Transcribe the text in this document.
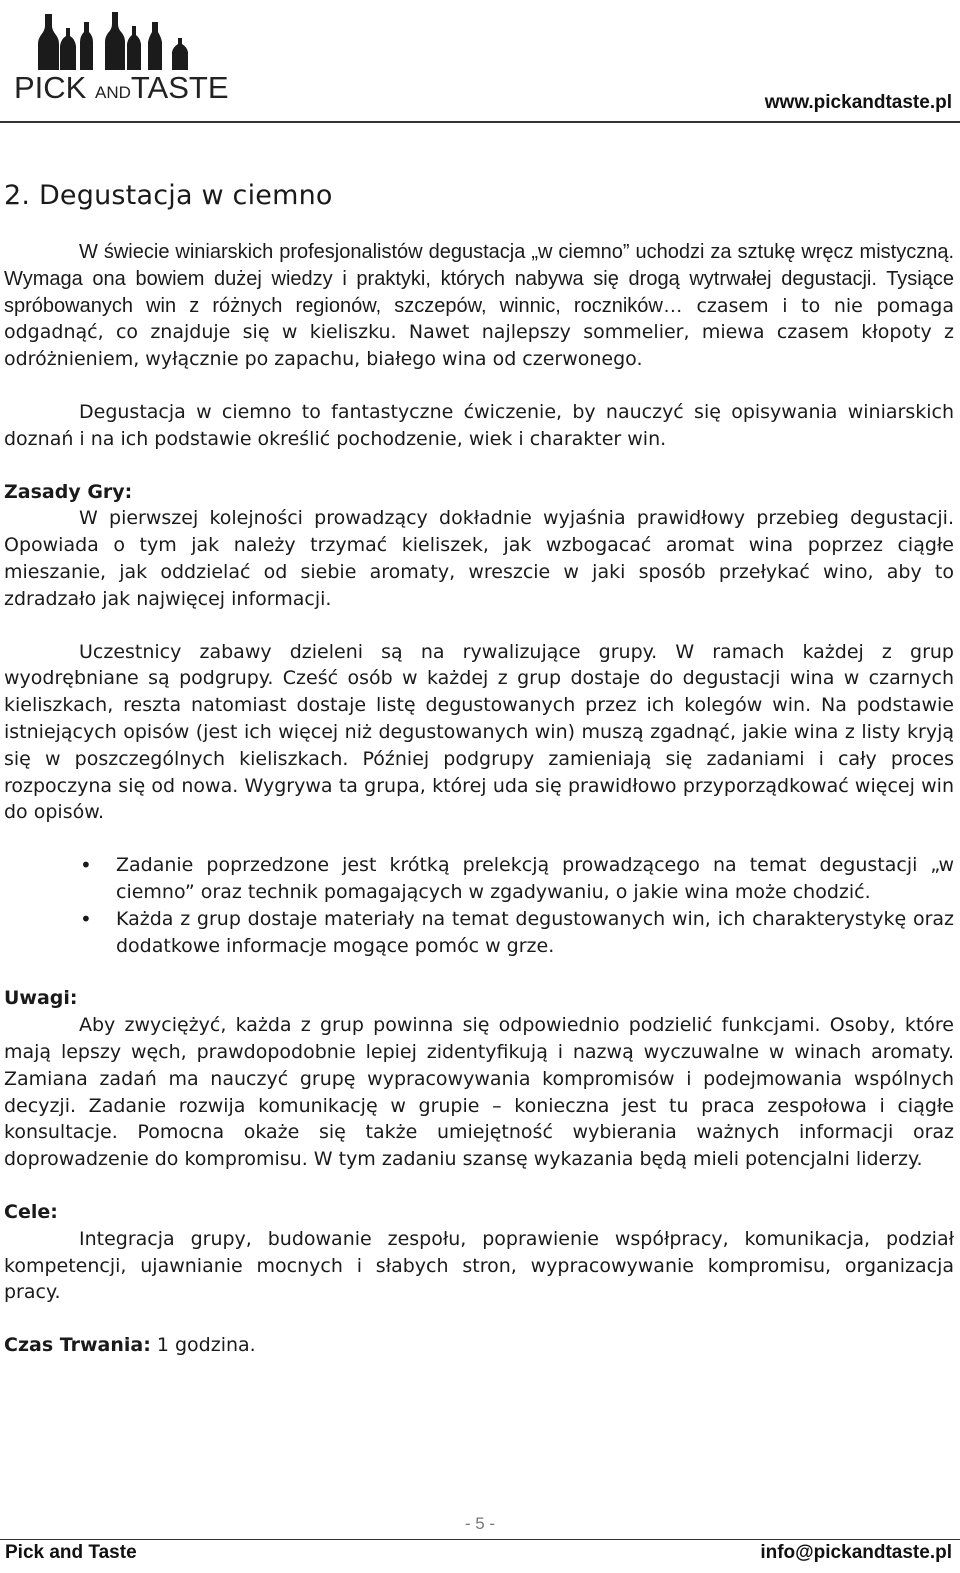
PICK ANDTASTE	www.pickandtaste.pl
2. Degustacja w ciemno

W świecie winiarskich profesjonalistów degustacja „w ciemno” uchodzi za sztukę wręcz mistyczną. Wymaga ona bowiem dużej wiedzy i praktyki, których nabywa się drogą wytrwałej degustacji. Tysiące spróbowanych win z różnych regionów, szczepów, winnic, roczników… czasem i to nie pomaga odgadnąć, co znajduje się w kieliszku. Nawet najlepszy sommelier, miewa czasem kłopoty z odróżnieniem, wyłącznie po zapachu, białego wina od czerwonego.

Degustacja w ciemno to fantastyczne ćwiczenie, by nauczyć się opisywania winiarskich doznań i na ich podstawie określić pochodzenie, wiek i charakter win.

Zasady Gry:

W pierwszej kolejności prowadzący dokładnie wyjaśnia prawidłowy przebieg degustacji. Opowiada o tym jak należy trzymać kieliszek, jak wzbogacać aromat wina poprzez ciągłe mieszanie, jak oddzielać od siebie aromaty, wreszcie w jaki sposób przełykać wino, aby to zdradzało jak najwięcej informacji.

Uczestnicy zabawy dzieleni są na rywalizujące grupy. W ramach każdej z grup wyodrębniane są podgrupy. Cześć osób w każdej z grup dostaje do degustacji wina w czarnych kieliszkach, reszta natomiast dostaje listę degustowanych przez ich kolegów win. Na podstawie istniejących opisów (jest ich więcej niż degustowanych win) muszą zgadnąć, jakie wina z listy kryją się w poszczególnych kieliszkach. Później podgrupy zamieniają się zadaniami i cały proces rozpoczyna się od nowa. Wygrywa ta grupa, której uda się prawidłowo przyporządkować więcej win do opisów.

• Zadanie poprzedzone jest krótką prelekcją prowadzącego na temat degustacji „w ciemno” oraz technik pomagających w zgadywaniu, o jakie wina może chodzić.
• Każda z grup dostaje materiały na temat degustowanych win, ich charakterystykę oraz dodatkowe informacje mogące pomóc w grze.
Uwagi:

Aby zwyciężyć, każda z grup powinna się odpowiednio podzielić funkcjami. Osoby, które mają lepszy węch, prawdopodobnie lepiej zidentyfikują i nazwą wyczuwalne w winach aromaty. Zamiana zadań ma nauczyć grupę wypracowywania kompromisów i podejmowania wspólnych decyzji. Zadanie rozwija komunikację w grupie – konieczna jest tu praca zespołowa i ciągłe konsultacje. Pomocna okaże się także umiejętność wybierania ważnych informacji oraz doprowadzenie do kompromisu. W tym zadaniu szansę wykazania będą mieli potencjalni liderzy.

Cele:

Integracja grupy, budowanie zespołu, poprawienie współpracy, komunikacja, podział kompetencji, ujawnianie mocnych i słabych stron, wypracowywanie kompromisu, organizacja pracy.

Czas Trwania: 1 godzina.

- 5 -
Pick and Taste	info@pickandtaste.pl
